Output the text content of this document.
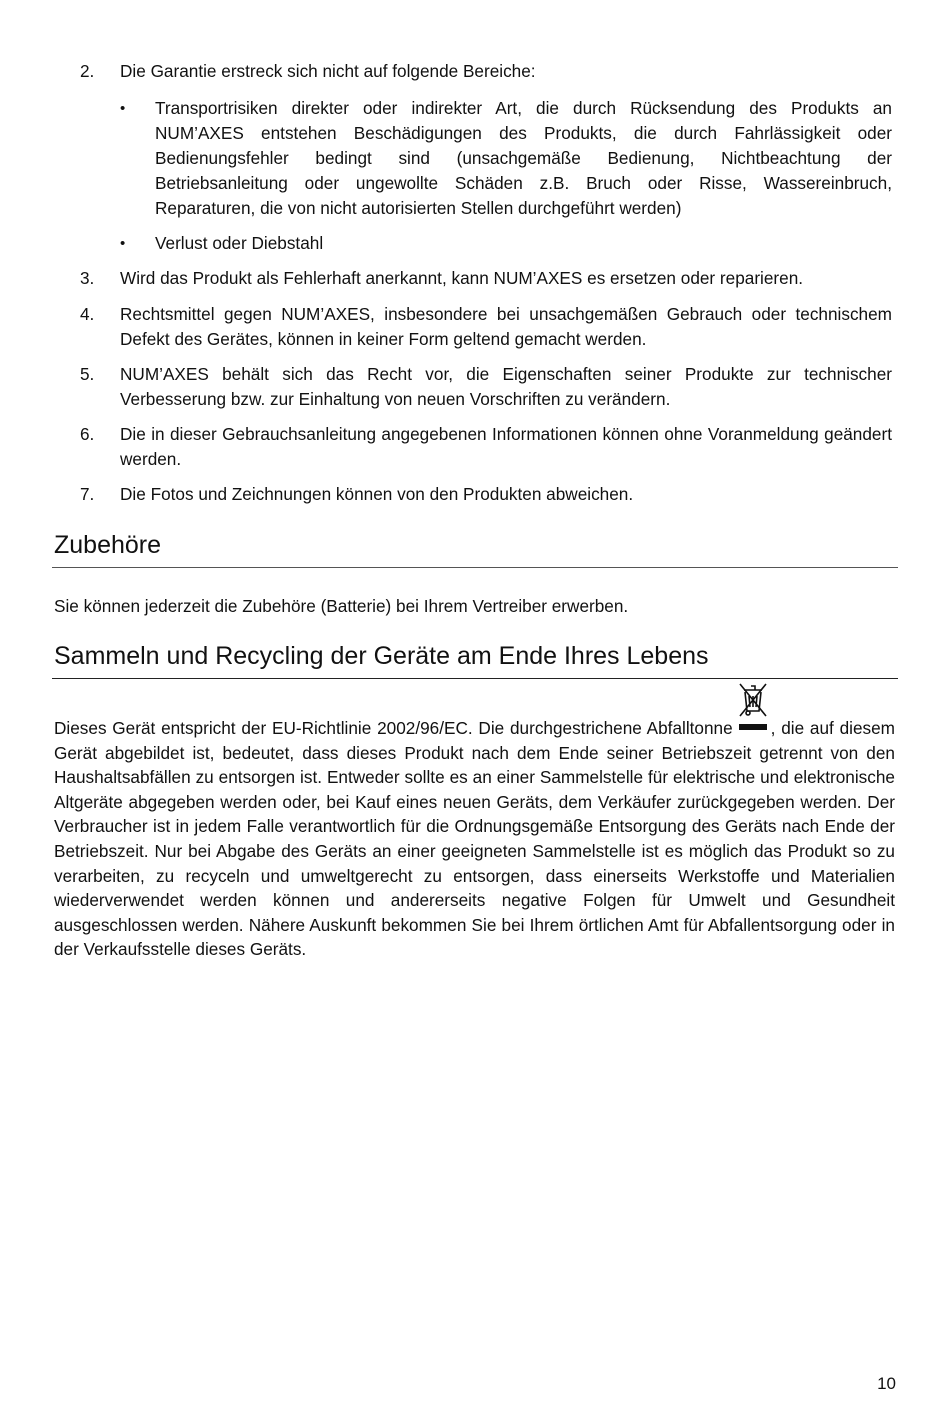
2.	Die Garantie erstreck sich nicht auf folgende Bereiche:
•	Transportrisiken direkter oder indirekter Art, die durch Rücksendung des Produkts an NUM’AXES entstehen Beschädigungen des Produkts, die durch Fahrlässigkeit oder Bedienungsfehler bedingt sind (unsachgemäße Bedienung, Nichtbeachtung der Betriebsanleitung oder ungewollte Schäden z.B. Bruch oder Risse, Wassereinbruch, Reparaturen, die von nicht autorisierten Stellen durchgeführt werden)
•	Verlust oder Diebstahl
3.	Wird das Produkt als Fehlerhaft anerkannt, kann NUM’AXES es ersetzen oder reparieren.
4.	Rechtsmittel gegen NUM’AXES, insbesondere bei unsachgemäßen Gebrauch oder technischem Defekt des Gerätes, können in keiner Form geltend gemacht werden.
5.	NUM’AXES behält sich das Recht vor, die Eigenschaften seiner Produkte zur technischer Verbesserung bzw. zur Einhaltung von neuen Vorschriften zu verändern.
6.	Die in dieser Gebrauchsanleitung angegebenen Informationen können ohne Voranmeldung geändert werden.
7.	Die Fotos und Zeichnungen können von den Produkten abweichen.
Zubehöre
Sie können jederzeit die Zubehöre (Batterie) bei Ihrem Vertreiber erwerben.
Sammeln und Recycling der Geräte am Ende Ihres Lebens
Dieses Gerät entspricht der EU-Richtlinie 2002/96/EC. Die durchgestrichene Abfalltonne , die auf diesem Gerät abgebildet ist, bedeutet, dass dieses Produkt nach dem Ende seiner Betriebszeit getrennt von den Haushaltsabfällen zu entsorgen ist. Entweder sollte es an einer Sammelstelle für elektrische und elektronische Altgeräte abgegeben werden oder, bei Kauf eines neuen Geräts, dem Verkäufer zurückgegeben werden. Der Verbraucher ist in jedem Falle verantwortlich für die Ordnungsgemäße Entsorgung des Geräts nach Ende der Betriebszeit. Nur bei Abgabe des Geräts an einer geeigneten Sammelstelle ist es möglich das Produkt so zu verarbeiten, zu recyceln und umweltgerecht zu entsorgen, dass einerseits Werkstoffe und Materialien wiederverwendet werden können und andererseits negative Folgen für Umwelt und Gesundheit ausgeschlossen werden. Nähere Auskunft bekommen Sie bei Ihrem örtlichen Amt für Abfallentsorgung oder in der Verkaufsstelle dieses Geräts.
10
